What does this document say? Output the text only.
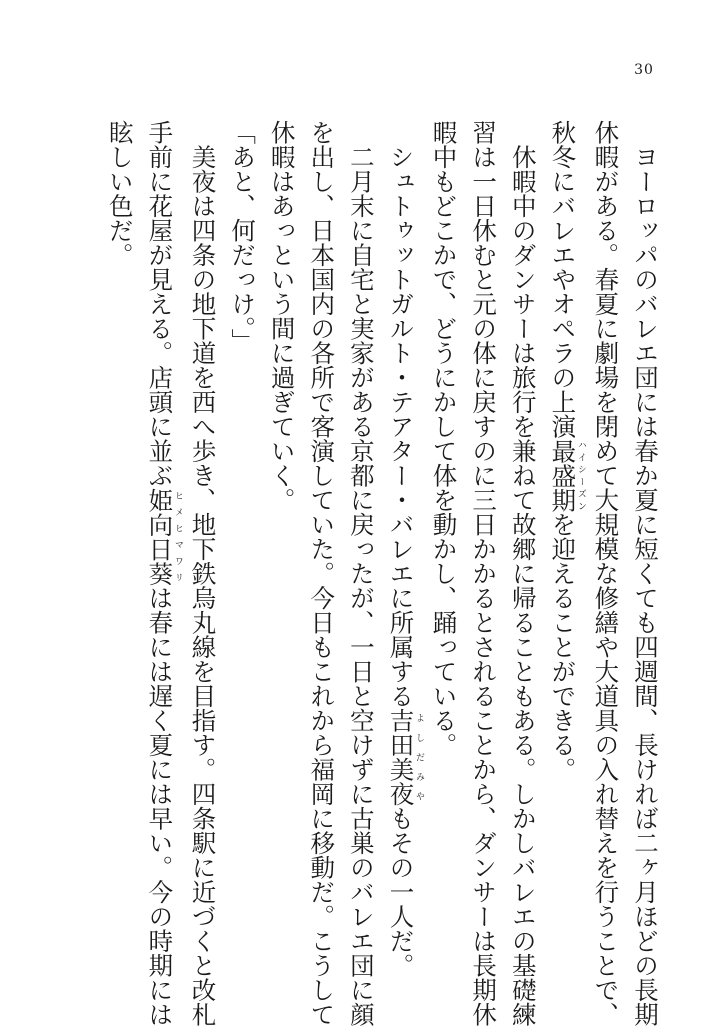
30

　ヨーロッパのバレエ団には春か夏に短くても四週間、長ければ二ヶ月ほどの長期

休暇がある。春夏に劇場を閉めて大規模な修繕や大道具の入れ替えを行うことで、

秋冬にバレエやオペラの上演最盛期ハイシーズンを迎えることができる。

　休暇中のダンサーは旅行を兼ねて故郷に帰ることもある。しかしバレエの基礎練

習は一日休むと元の体に戻すのに三日かかるとされることから、ダンサーは長期休

暇中もどこかで、どうにかして体を動かし、踊っている。

　シュトゥットガルト・テアター・バレエに所属する吉田美夜よしだみやもその一人だ。

　二月末に自宅と実家がある京都に戻ったが、一日と空けずに古巣のバレエ団に顔

を出し、日本国内の各所で客演していた。今日もこれから福岡に移動だ。こうして

休暇はあっという間に過ぎていく。

「あと、何だっけ。」

　美夜は四条の地下道を西へ歩き、地下鉄烏丸線を目指す。四条駅に近づくと改札

手前に花屋が見える。店頭に並ぶ姫向日葵ヒメヒマワリは春には遅く夏には早い。今の時期には

眩しい色だ。
